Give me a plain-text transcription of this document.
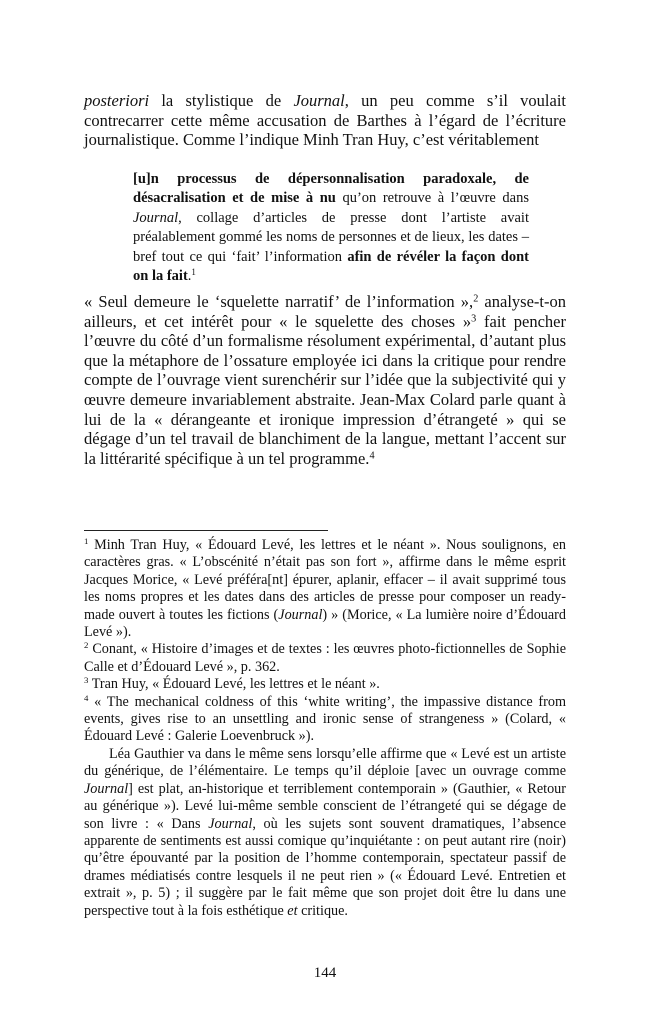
posteriori la stylistique de Journal, un peu comme s’il voulait contrecarrer cette même accusation de Barthes à l’égard de l’écriture journalistique. Comme l’indique Minh Tran Huy, c’est véritablement

[u]n processus de dépersonnalisation paradoxale, de désacralisation et de mise à nu qu’on retrouve à l’œuvre dans Journal, collage d’articles de presse dont l’artiste avait préalablement gommé les noms de personnes et de lieux, les dates – bref tout ce qui ‘fait’ l’information afin de révéler la façon dont on la fait.$^1$

« Seul demeure le ‘squelette narratif’ de l’information »,$^2$ analyse-t-on ailleurs, et cet intérêt pour « le squelette des choses »$^3$ fait pencher l’œuvre du côté d’un formalisme résolument expérimental, d’autant plus que la métaphore de l’ossature employée ici dans la critique pour rendre compte de l’ouvrage vient surenchérir sur l’idée que la subjectivité qui y œuvre demeure invariablement abstraite. Jean-Max Colard parle quant à lui de la « dérangeante et ironique impression d’étrangeté » qui se dégage d’un tel travail de blanchiment de la langue, mettant l’accent sur la littérarité spécifique à un tel programme.$^4$

$^1$ Minh Tran Huy, « Édouard Levé, les lettres et le néant ». Nous soulignons, en caractères gras. « L’obscénité n’était pas son fort », affirme dans le même esprit Jacques Morice, « Levé préféra[nt] épurer, aplanir, effacer – il avait supprimé tous les noms propres et les dates dans des articles de presse pour composer un ready-made ouvert à toutes les fictions (Journal) » (Morice, « La lumière noire d’Édouard Levé »).

$^2$ Conant, « Histoire d’images et de textes : les œuvres photo-fictionnelles de Sophie Calle et d’Édouard Levé », p. 362.

$^3$ Tran Huy, « Édouard Levé, les lettres et le néant ».

$^4$ « The mechanical coldness of this ‘white writing’, the impassive distance from events, gives rise to an unsettling and ironic sense of strangeness » (Colard, « Édouard Levé : Galerie Loevenbruck »).

Léa Gauthier va dans le même sens lorsqu’elle affirme que « Levé est un artiste du générique, de l’élémentaire. Le temps qu’il déploie [avec un ouvrage comme Journal] est plat, an-historique et terriblement contemporain » (Gauthier, « Retour au générique »). Levé lui-même semble conscient de l’étrangeté qui se dégage de son livre : « Dans Journal, où les sujets sont souvent dramatiques, l’absence apparente de sentiments est aussi comique qu’inquiétante : on peut autant rire (noir) qu’être épouvanté par la position de l’homme contemporain, spectateur passif de drames médiatisés contre lesquels il ne peut rien » (« Édouard Levé. Entretien et extrait », p. 5) ; il suggère par le fait même que son projet doit être lu dans une perspective tout à la fois esthétique et critique.

144
